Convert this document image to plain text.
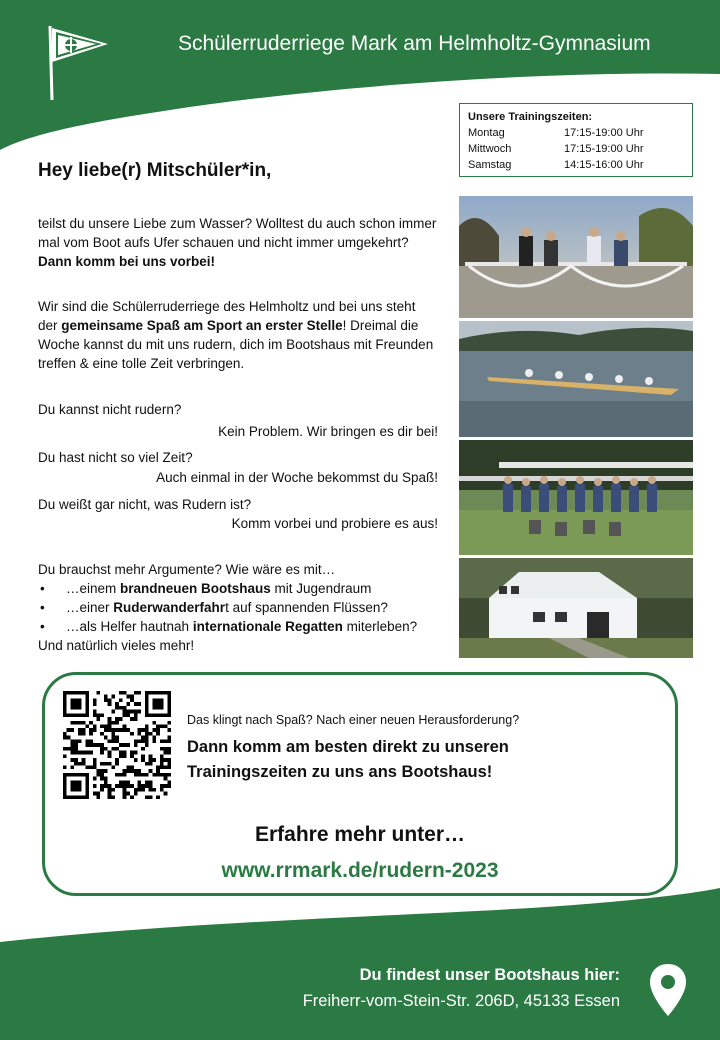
Schülerruderriege Mark am Helmholtz-Gymnasium
Unsere Trainingszeiten:
Montag	17:15-19:00 Uhr
Mittwoch	17:15-19:00 Uhr
Samstag	14:15-16:00 Uhr
Hey liebe(r) Mitschüler*in,
teilst du unsere Liebe zum Wasser? Wolltest du auch schon immer mal vom Boot aufs Ufer schauen und nicht immer umgekehrt? Dann komm bei uns vorbei!
Wir sind die Schülerruderriege des Helmholtz und bei uns steht der gemeinsame Spaß am Sport an erster Stelle! Dreimal die Woche kannst du mit uns rudern, dich im Bootshaus mit Freunden treffen & eine tolle Zeit verbringen.
Du kannst nicht rudern?
Kein Problem. Wir bringen es dir bei!
Du hast nicht so viel Zeit?
Auch einmal in der Woche bekommst du Spaß!
Du weißt gar nicht, was Rudern ist?
Komm vorbei und probiere es aus!
Du brauchst mehr Argumente? Wie wäre es mit…
• …einem brandneuen Bootshaus mit Jugendraum
• …einer Ruderwanderfahrt auf spannenden Flüssen?
• …als Helfer hautnah internationale Regatten miterleben?
Und natürlich vieles mehr!
Das klingt nach Spaß? Nach einer neuen Herausforderung?
Dann komm am besten direkt zu unseren Trainingszeiten zu uns ans Bootshaus!
Erfahre mehr unter…
www.rrmark.de/rudern-2023
Du findest unser Bootshaus hier:
Freiherr-vom-Stein-Str. 206D, 45133 Essen
